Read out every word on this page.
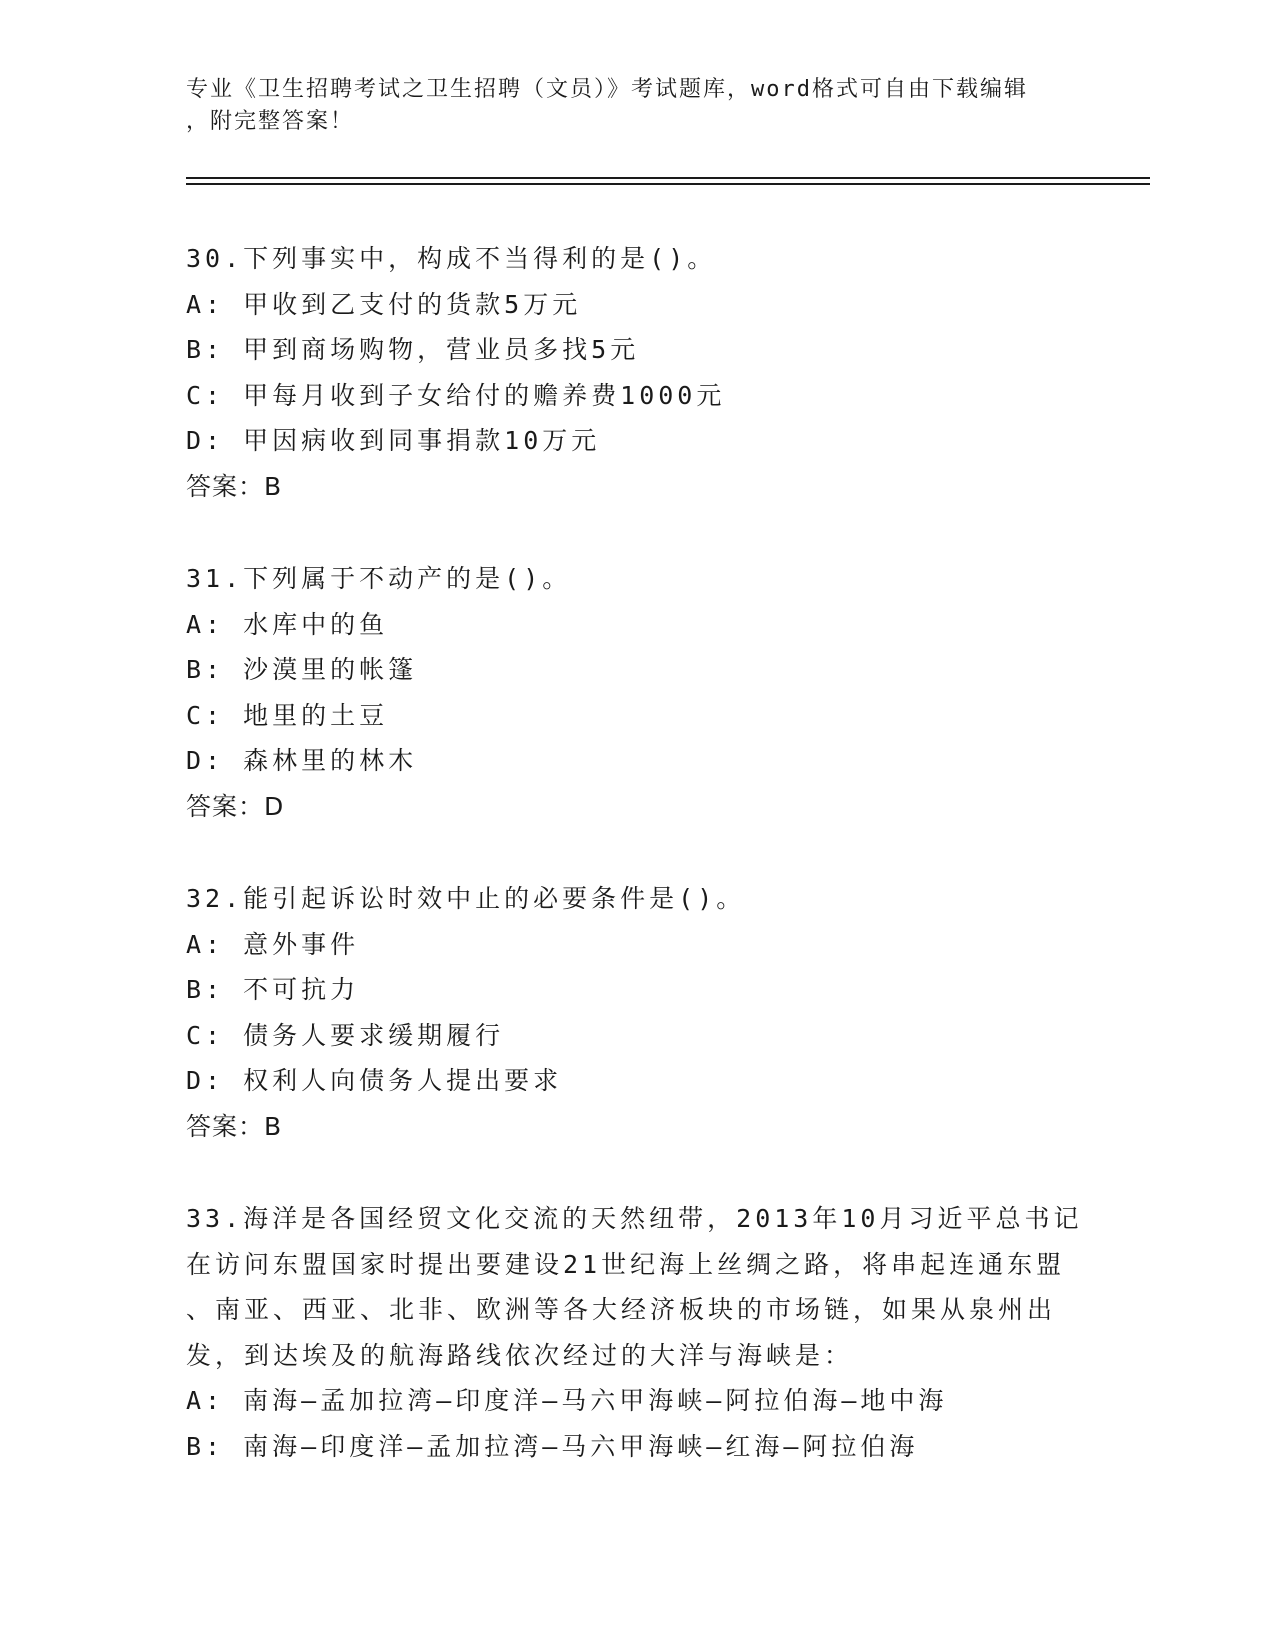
专业《卫生招聘考试之卫生招聘（文员）》考试题库，word格式可自由下载编辑
，附完整答案！
30.下列事实中，构成不当得利的是()。
A: 甲收到乙支付的货款5万元
B: 甲到商场购物，营业员多找5元
C: 甲每月收到子女给付的赡养费1000元
D: 甲因病收到同事捐款10万元
答案：B
31.下列属于不动产的是()。
A: 水库中的鱼
B: 沙漠里的帐篷
C: 地里的土豆
D: 森林里的林木
答案：D
32.能引起诉讼时效中止的必要条件是()。
A: 意外事件
B: 不可抗力
C: 债务人要求缓期履行
D: 权利人向债务人提出要求
答案：B
33.海洋是各国经贸文化交流的天然纽带，2013年10月习近平总书记
在访问东盟国家时提出要建设21世纪海上丝绸之路，将串起连通东盟
、南亚、西亚、北非、欧洲等各大经济板块的市场链，如果从泉州出
发，到达埃及的航海路线依次经过的大洋与海峡是：
A: 南海—孟加拉湾—印度洋—马六甲海峡—阿拉伯海—地中海
B: 南海—印度洋—孟加拉湾—马六甲海峡—红海—阿拉伯海
